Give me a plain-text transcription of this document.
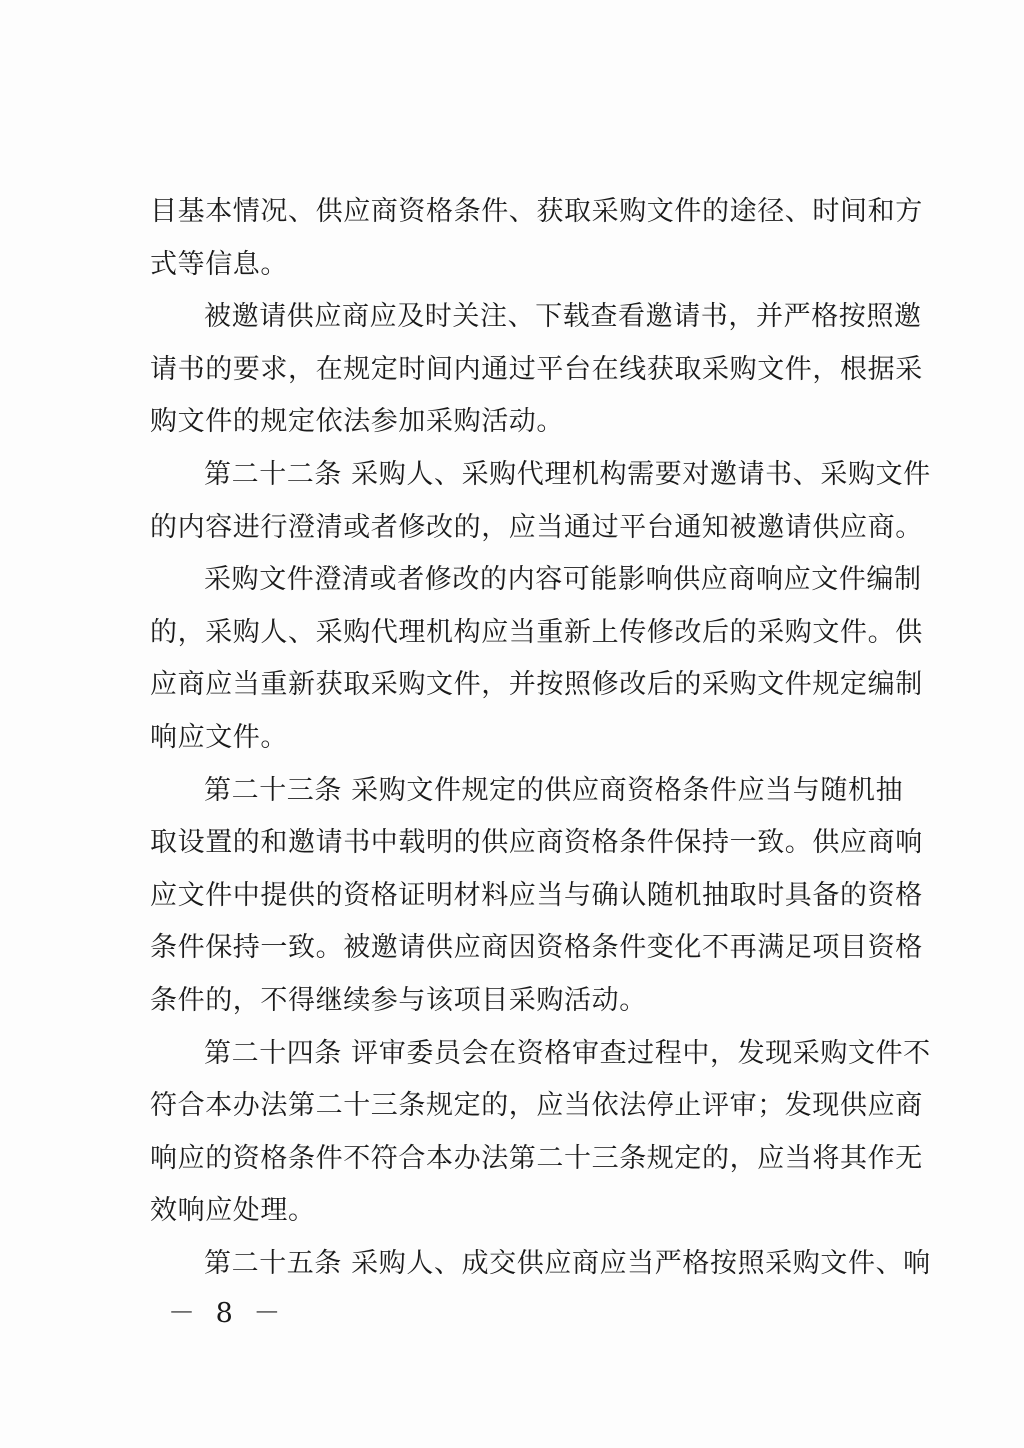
目基本情况、供应商资格条件、获取采购文件的途径、时间和方
式等信息。
被邀请供应商应及时关注、下载查看邀请书，并严格按照邀
请书的要求，在规定时间内通过平台在线获取采购文件，根据采
购文件的规定依法参加采购活动。
第二十二条 采购人、采购代理机构需要对邀请书、采购文件
的内容进行澄清或者修改的，应当通过平台通知被邀请供应商。
采购文件澄清或者修改的内容可能影响供应商响应文件编制
的，采购人、采购代理机构应当重新上传修改后的采购文件。供
应商应当重新获取采购文件，并按照修改后的采购文件规定编制
响应文件。
第二十三条 采购文件规定的供应商资格条件应当与随机抽
取设置的和邀请书中载明的供应商资格条件保持一致。供应商响
应文件中提供的资格证明材料应当与确认随机抽取时具备的资格
条件保持一致。被邀请供应商因资格条件变化不再满足项目资格
条件的，不得继续参与该项目采购活动。
第二十四条 评审委员会在资格审查过程中，发现采购文件不
符合本办法第二十三条规定的，应当依法停止评审；发现供应商
响应的资格条件不符合本办法第二十三条规定的，应当将其作无
效响应处理。
第二十五条 采购人、成交供应商应当严格按照采购文件、响
－ 8 －
